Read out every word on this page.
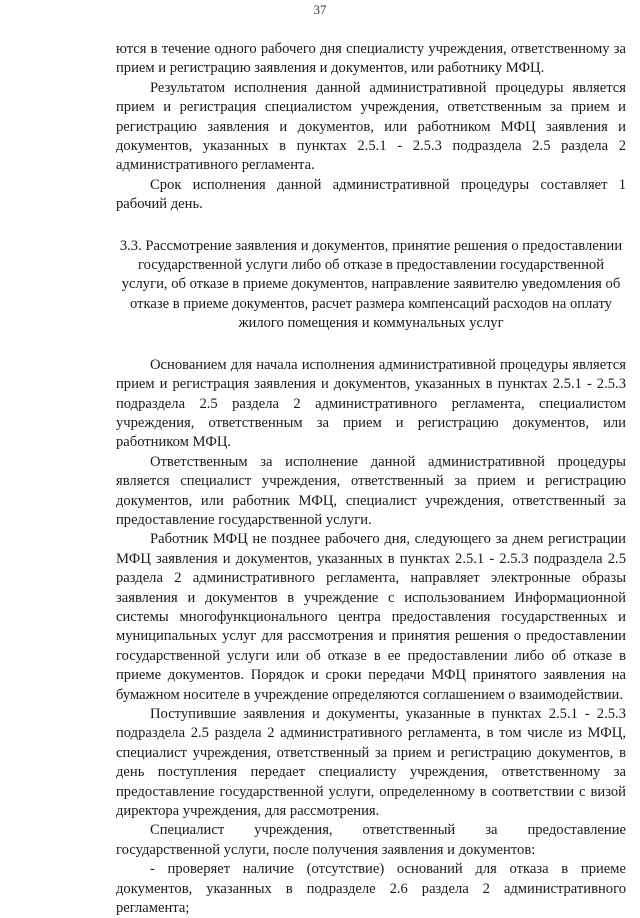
37

ются в течение одного рабочего дня специалисту учреждения, ответственному за прием и регистрацию заявления и документов, или работнику МФЦ.

Результатом исполнения данной административной процедуры является прием и регистрация специалистом учреждения, ответственным за прием и регистрацию заявления и документов, или работником МФЦ заявления и документов, указанных в пунктах 2.5.1 - 2.5.3 подраздела 2.5 раздела 2 административного регламента.

Срок исполнения данной административной процедуры составляет 1 рабочий день.

3.3. Рассмотрение заявления и документов, принятие решения о предоставлении государственной услуги либо об отказе в предоставлении государственной услуги, об отказе в приеме документов, направление заявителю уведомления об отказе в приеме документов, расчет размера компенсаций расходов на оплату жилого помещения и коммунальных услуг

Основанием для начала исполнения административной процедуры является прием и регистрация заявления и документов, указанных в пунктах 2.5.1 - 2.5.3 подраздела 2.5 раздела 2 административного регламента, специалистом учреждения, ответственным за прием и регистрацию документов, или работником МФЦ.

Ответственным за исполнение данной административной процедуры является специалист учреждения, ответственный за прием и регистрацию документов, или работник МФЦ, специалист учреждения, ответственный за предоставление государственной услуги.

Работник МФЦ не позднее рабочего дня, следующего за днем регистрации МФЦ заявления и документов, указанных в пунктах 2.5.1 - 2.5.3 подраздела 2.5 раздела 2 административного регламента, направляет электронные образы заявления и документов в учреждение с использованием Информационной системы многофункционального центра предоставления государственных и муниципальных услуг для рассмотрения и принятия решения о предоставлении государственной услуги или об отказе в ее предоставлении либо об отказе в приеме документов. Порядок и сроки передачи МФЦ принятого заявления на бумажном носителе в учреждение определяются соглашением о взаимодействии.

Поступившие заявления и документы, указанные в пунктах 2.5.1 - 2.5.3 подраздела 2.5 раздела 2 административного регламента, в том числе из МФЦ, специалист учреждения, ответственный за прием и регистрацию документов, в день поступления передает специалисту учреждения, ответственному за предоставление государственной услуги, определенному в соответствии с визой директора учреждения, для рассмотрения.

Специалист учреждения, ответственный за предоставление государственной услуги, после получения заявления и документов:

- проверяет наличие (отсутствие) оснований для отказа в приеме документов, указанных в подразделе 2.6 раздела 2 административного регламента;
